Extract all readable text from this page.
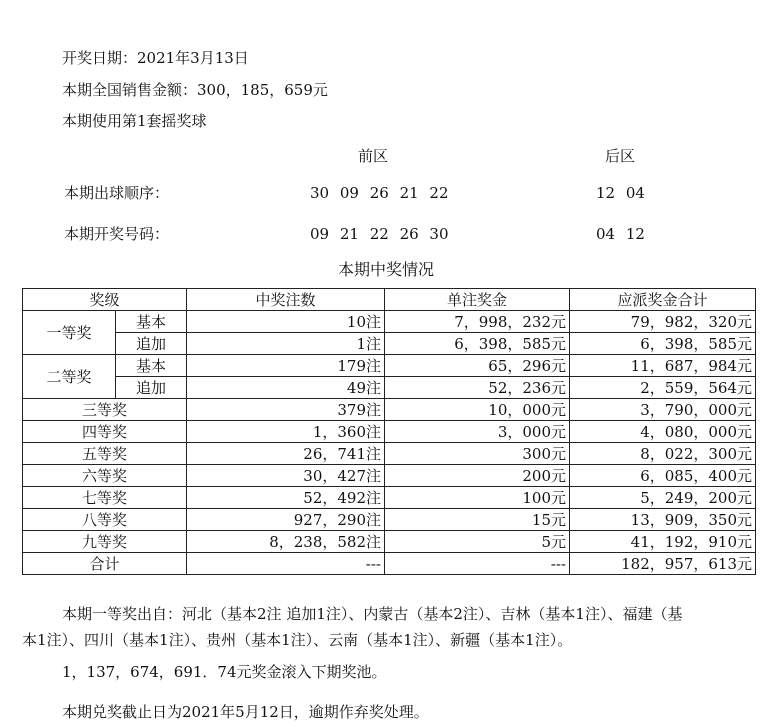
开奖日期：2021年3月13日
本期全国销售金额：300，185，659元
本期使用第1套摇奖球
前区	后区
本期出球顺序：	30 09 26 21 22	12 04
本期开奖号码：	09 21 22 26 30	04 12
本期中奖情况
奖级		中奖注数	单注奖金	应派奖金合计
一等奖	基本	10注	7，998，232元	79，982，320元
	追加	1注	6，398，585元	6，398，585元
二等奖	基本	179注	65，296元	11，687，984元
	追加	49注	52，236元	2，559，564元
三等奖		379注	10，000元	3，790，000元
四等奖		1，360注	3，000元	4，080，000元
五等奖		26，741注	300元	8，022，300元
六等奖		30，427注	200元	6，085，400元
七等奖		52，492注	100元	5，249，200元
八等奖		927，290注	15元	13，909，350元
九等奖		8，238，582注	5元	41，192，910元
合计		---	---	182，957，613元
本期一等奖出自：河北（基本2注 追加1注）、内蒙古（基本2注）、吉林（基本1注）、福建（基
本1注）、四川（基本1注）、贵州（基本1注）、云南（基本1注）、新疆（基本1注）。
1，137，674，691．74元奖金滚入下期奖池。
本期兑奖截止日为2021年5月12日，逾期作弃奖处理。
